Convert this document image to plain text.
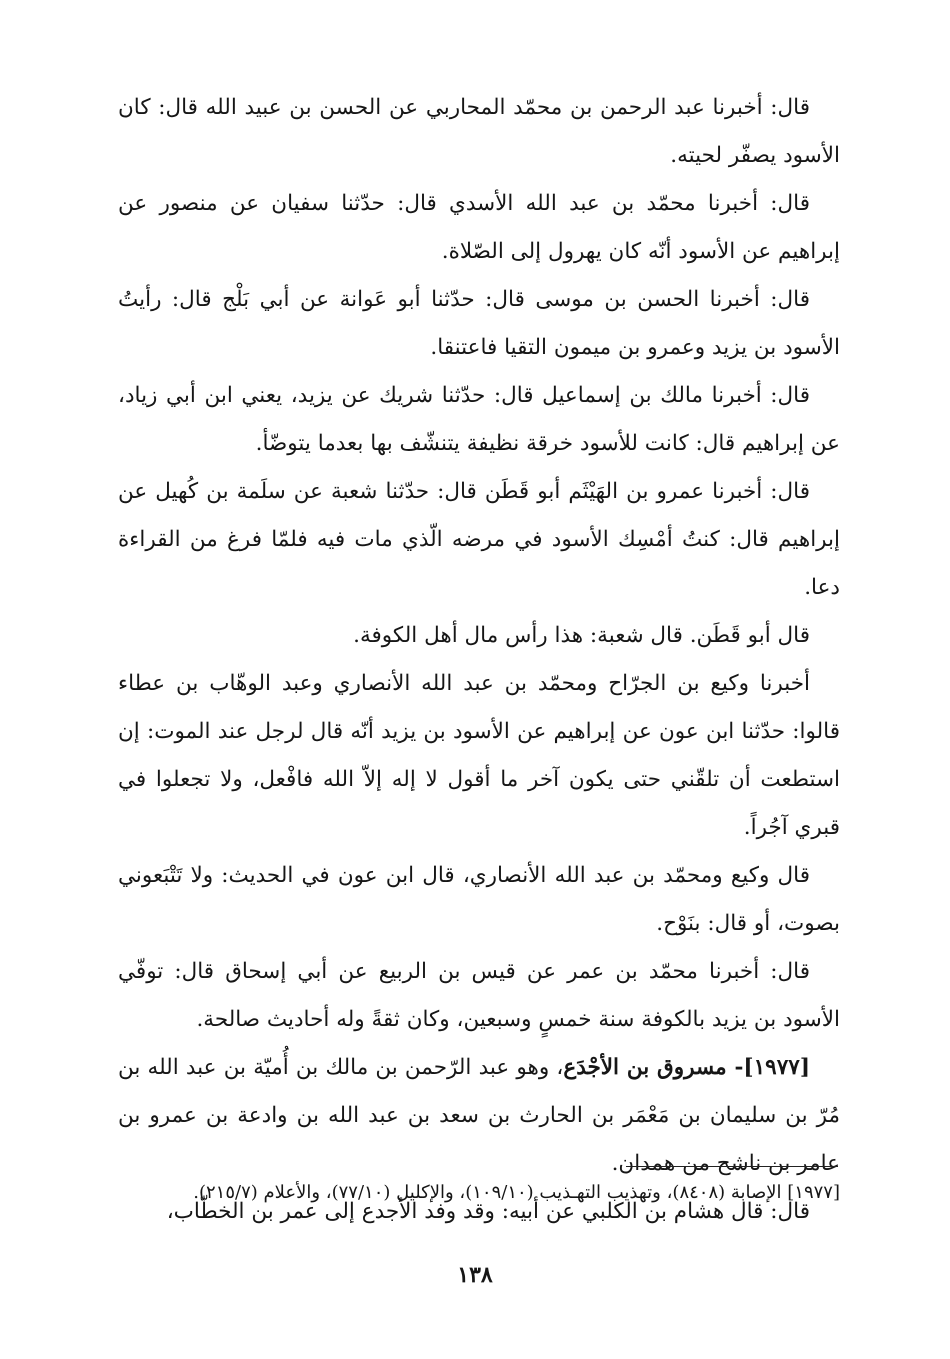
قال: أخبرنا عبد الرحمن بن محمّد المحاربي عن الحسن بن عبيد الله قال: كان الأسود يصفّر لحيته.

قال: أخبرنا محمّد بن عبد الله الأسدي قال: حدّثنا سفيان عن منصور عن إبراهيم عن الأسود أنّه كان يهرول إلى الصّلاة.

قال: أخبرنا الحسن بن موسى قال: حدّثنا أبو عَوانة عن أبي بَلْج قال: رأيتُ الأسود بن يزيد وعمرو بن ميمون التقيا فاعتنقا.

قال: أخبرنا مالك بن إسماعيل قال: حدّثنا شريك عن يزيد، يعني ابن أبي زياد، عن إبراهيم قال: كانت للأسود خرقة نظيفة يتنشّف بها بعدما يتوضّأ.

قال: أخبرنا عمرو بن الهَيْثَم أبو قَطَن قال: حدّثنا شعبة عن سلَمة بن كُهيل عن إبراهيم قال: كنتُ أمْسِك الأسود في مرضه الّذي مات فيه فلمّا فرغ من القراءة دعا.

قال أبو قَطَن. قال شعبة: هذا رأس مال أهل الكوفة.

أخبرنا وكيع بن الجرّاح ومحمّد بن عبد الله الأنصاري وعبد الوهّاب بن عطاء قالوا: حدّثنا ابن عون عن إبراهيم عن الأسود بن يزيد أنّه قال لرجل عند الموت: إن استطعت أن تلقّني حتى يكون آخر ما أقول لا إله إلاّ الله فافْعل، ولا تجعلوا في قبري آجُراً.

قال وكيع ومحمّد بن عبد الله الأنصاري، قال ابن عون في الحديث: ولا تَتْبَعوني بصوت، أو قال: بنَوْح.

قال: أخبرنا محمّد بن عمر عن قيس بن الربيع عن أبي إسحاق قال: توفّي الأسود بن يزيد بالكوفة سنة خمسٍ وسبعين، وكان ثقةً وله أحاديث صالحة.

[١٩٧٧]- مسروق بن الأجْدَع، وهو عبد الرّحمن بن مالك بن أُميّة بن عبد الله بن مُرّ بن سليمان بن مَعْمَر بن الحارث بن سعد بن عبد الله بن وادعة بن عمرو بن عامر بن ناشح من همدان.

قال: قال هشام بن الكلبي عن أبيه: وقد وفد الأجدع إلى عمر بن الخطّاب،

[١٩٧٧] الإصابة (٨٤٠٨)، وتهذيب التهـذيب (١٠٩/١٠)، والإكليل (٧٧/١٠)، والأعلام (٢١٥/٧).
١٣٨
